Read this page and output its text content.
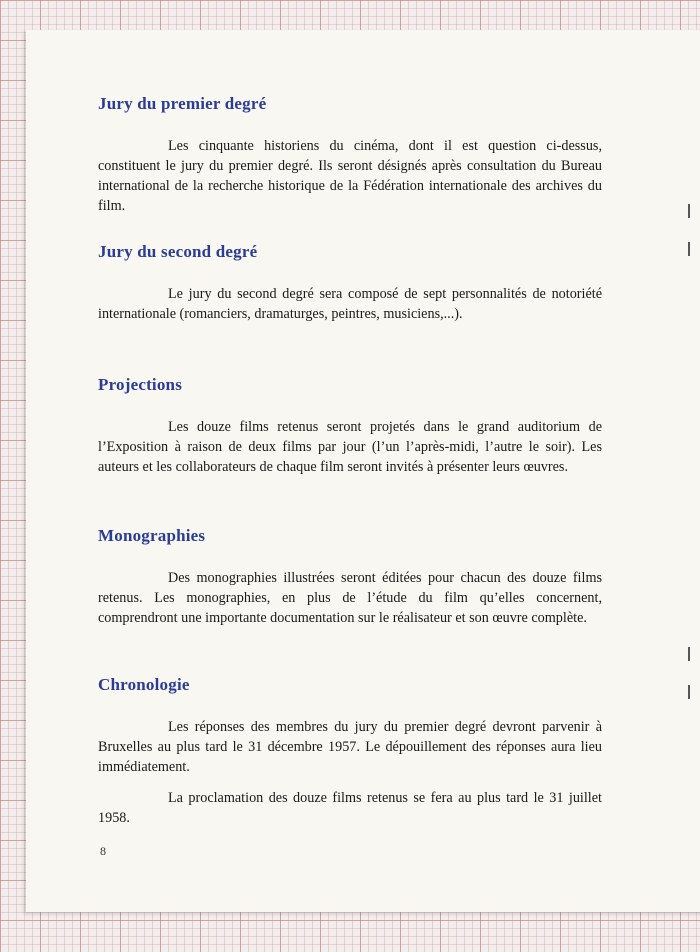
Jury du premier degré

Les cinquante historiens du cinéma, dont il est question ci-dessus, constituent le jury du premier degré. Ils seront désignés après consultation du Bureau international de la recherche historique de la Fédération internationale des archives du film.

Jury du second degré

Le jury du second degré sera composé de sept personnalités de notoriété internationale (romanciers, dramaturges, peintres, musiciens,...).

Projections

Les douze films retenus seront projetés dans le grand auditorium de l’Exposition à raison de deux films par jour (l’un l’après-midi, l’autre le soir). Les auteurs et les collaborateurs de chaque film seront invités à présenter leurs œuvres.

Monographies

Des monographies illustrées seront éditées pour chacun des douze films retenus. Les monographies, en plus de l’étude du film qu’elles concernent, comprendront une importante documentation sur le réalisateur et son œuvre complète.

Chronologie

Les réponses des membres du jury du premier degré devront parvenir à Bruxelles au plus tard le 31 décembre 1957. Le dépouillement des réponses aura lieu immédiatement.

La proclamation des douze films retenus se fera au plus tard le 31 juillet 1958.

8
